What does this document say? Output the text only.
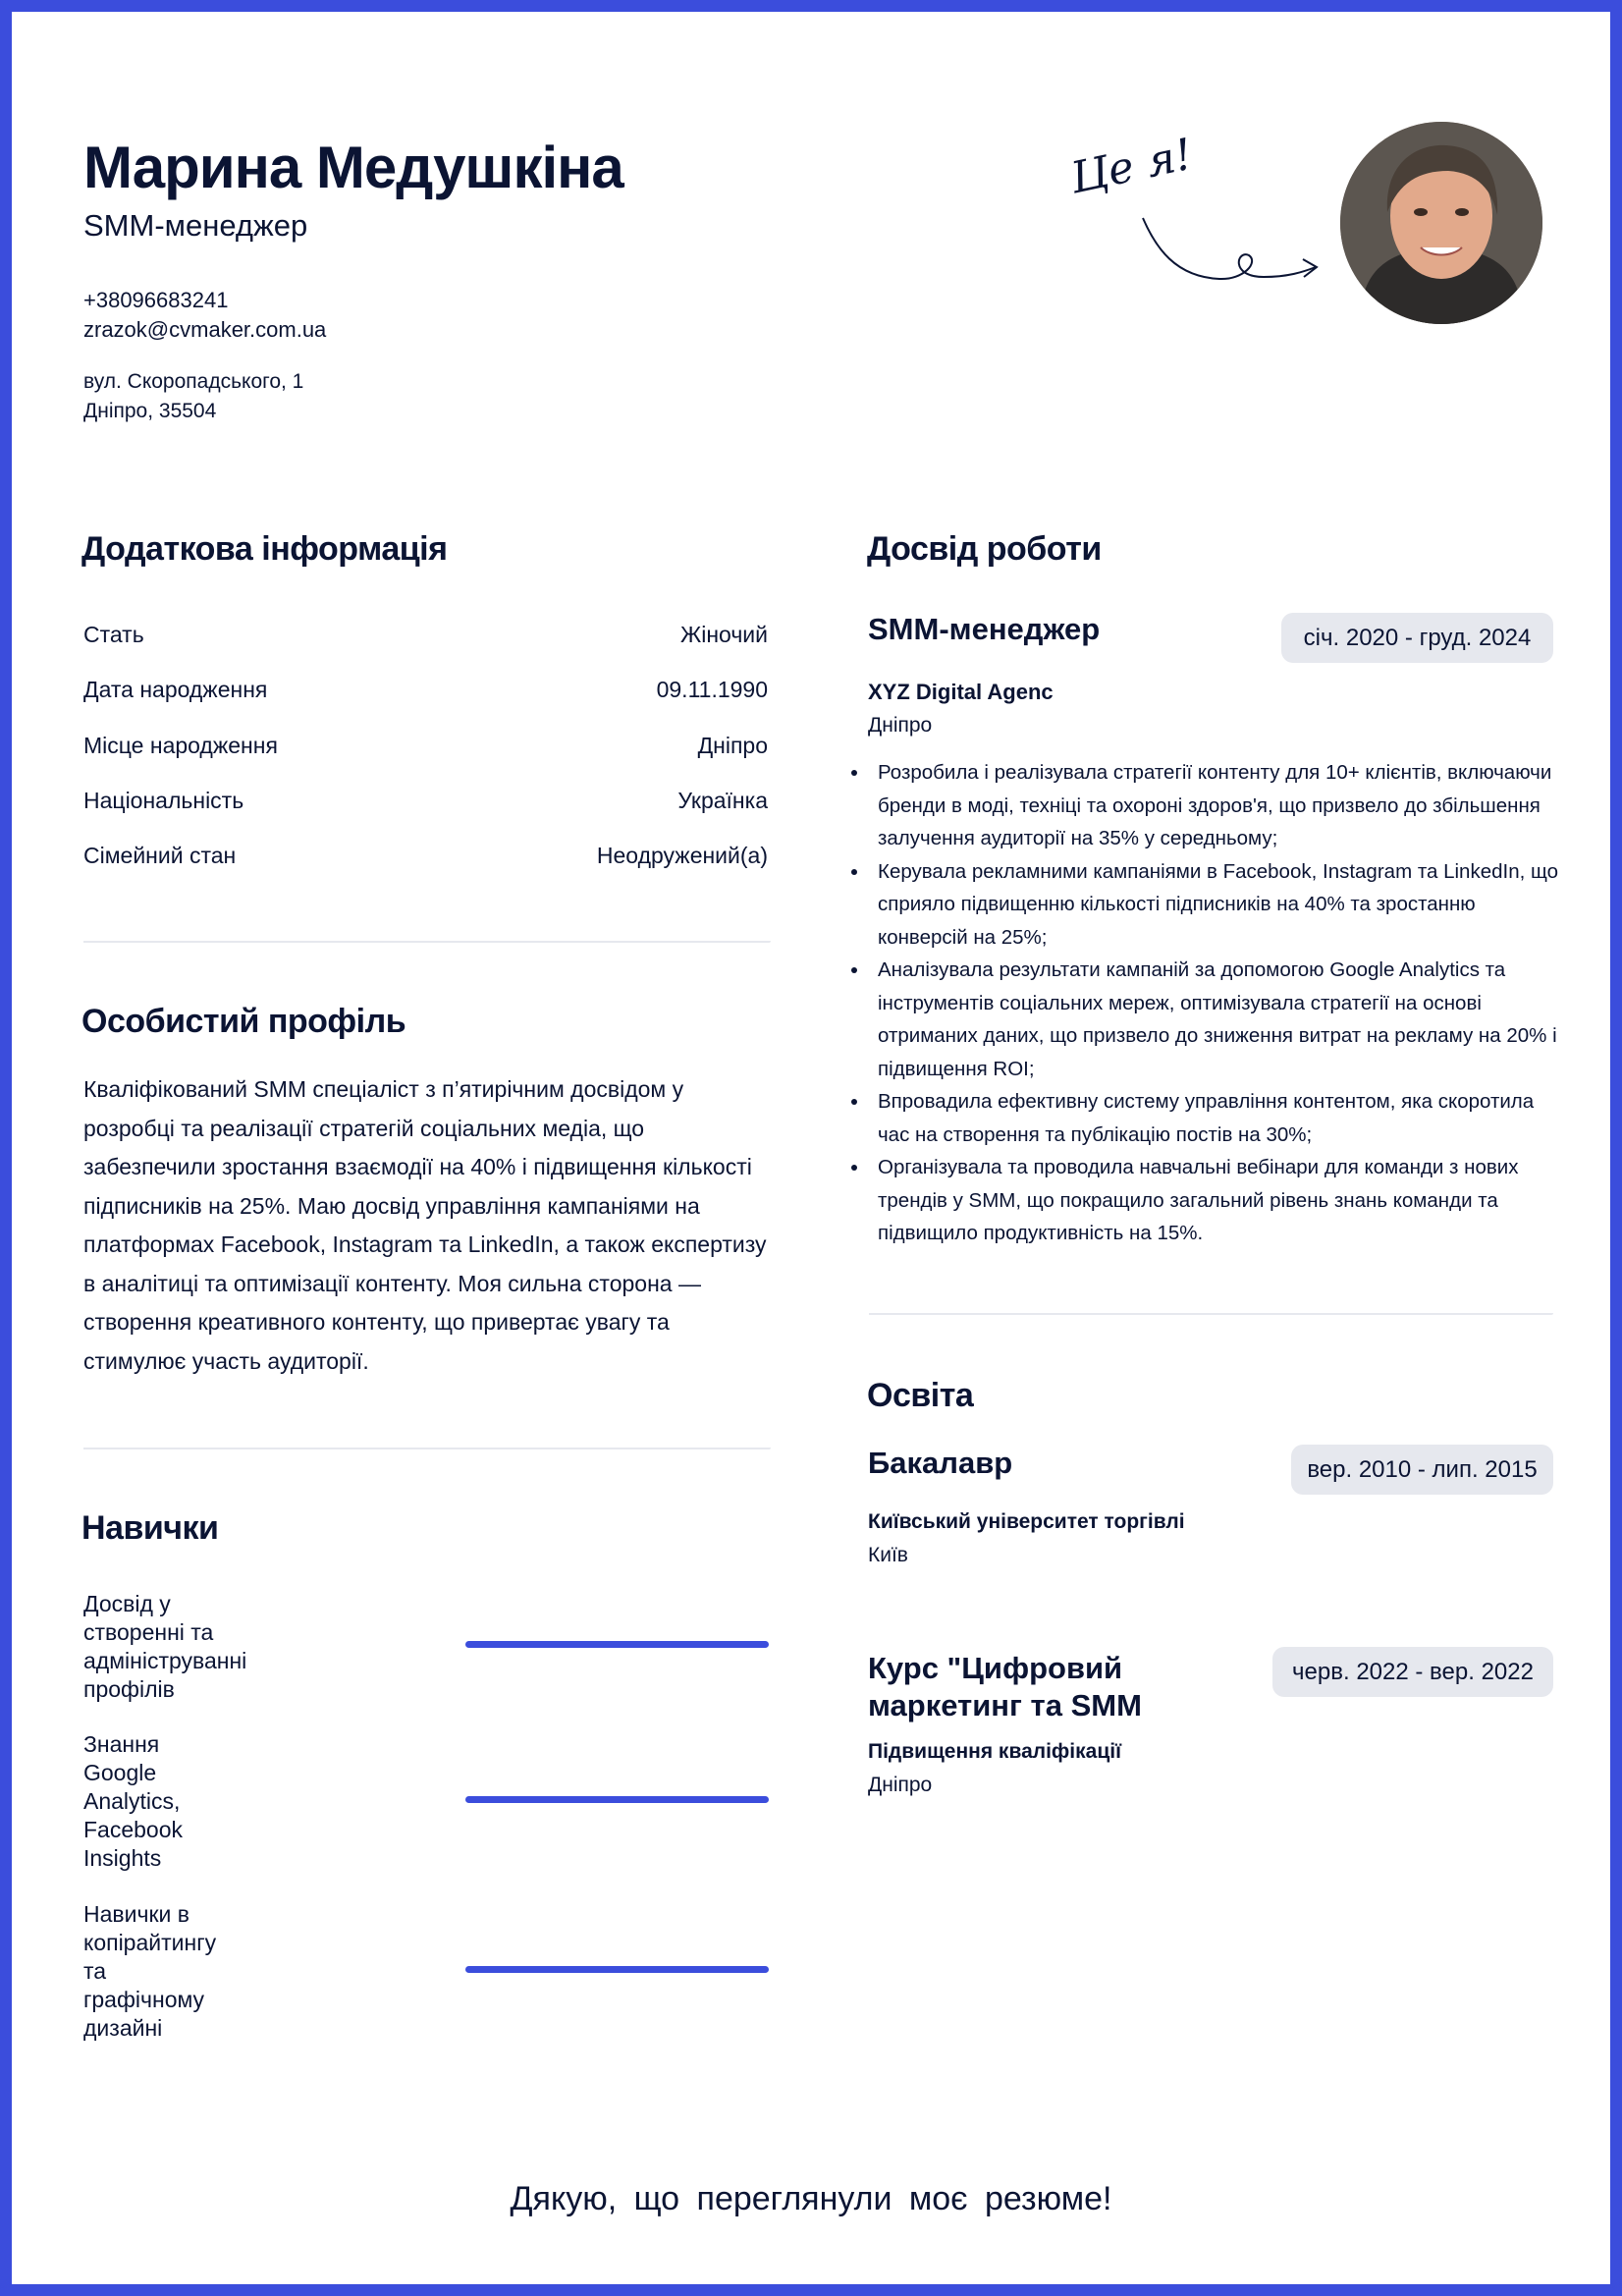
Марина Медушкіна
SMM-менеджер
+38096683241
zrazok@cvmaker.com.ua
вул. Скоропадського, 1
Дніпро, 35504
Це я!
Додаткова інформація
Стать	Жіночий
Дата народження	09.11.1990
Місце народження	Дніпро
Національність	Українка
Сімейний стан	Неодружений(а)
Особистий профіль
Кваліфікований SMM спеціаліст з п’ятирічним досвідом у розробці та реалізації стратегій соціальних медіа, що забезпечили зростання взаємодії на 40% і підвищення кількості підписників на 25%. Маю досвід управління кампаніями на платформах Facebook, Instagram та LinkedIn, а також експертизу в аналітиці та оптимізації контенту. Моя сильна сторона — створення креативного контенту, що привертає увагу та стимулює участь аудиторії.
Навички
Досвід у створенні та адмініструванні профілів
Знання Google Analytics, Facebook Insights
Навички в копірайтингу та графічному дизайні
Досвід роботи
SMM-менеджер	січ. 2020 - груд. 2024
XYZ Digital Agenc
Дніпро
• Розробила і реалізувала стратегії контенту для 10+ клієнтів, включаючи бренди в моді, техніці та охороні здоров'я, що призвело до збільшення залучення аудиторії на 35% у середньому;
• Керувала рекламними кампаніями в Facebook, Instagram та LinkedIn, що сприяло підвищенню кількості підписників на 40% та зростанню конверсій на 25%;
• Аналізувала результати кампаній за допомогою Google Analytics та інструментів соціальних мереж, оптимізувала стратегії на основі отриманих даних, що призвело до зниження витрат на рекламу на 20% і підвищення ROI;
• Впровадила ефективну систему управління контентом, яка скоротила час на створення та публікацію постів на 30%;
• Організувала та проводила навчальні вебінари для команди з нових трендів у SMM, що покращило загальний рівень знань команди та підвищило продуктивність на 15%.
Освіта
Бакалавр	вер. 2010 - лип. 2015
Київський університет торгівлі
Київ
Курс "Цифровий маркетинг та SMM
черв. 2022 - вер. 2022
Підвищення кваліфікації
Дніпро
Дякую, що переглянули моє резюме!
